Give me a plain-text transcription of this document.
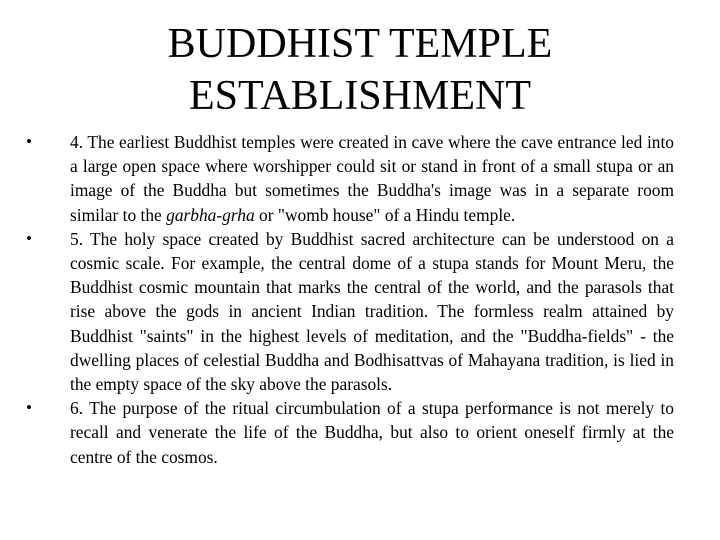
BUDDHIST TEMPLE
ESTABLISHMENT
•	4. The earliest Buddhist temples were created in cave where the cave entrance led into a large open space where worshipper could sit or stand in front of a small stupa or an image of the Buddha but sometimes the Buddha's image was in a separate room similar to the garbha-grha or "womb house" of a Hindu temple.
•	5. The holy space created by Buddhist sacred architecture can be understood on a cosmic scale. For example, the central dome of a stupa stands for Mount Meru, the Buddhist cosmic mountain that marks the central of the world, and the parasols that rise above the gods in ancient Indian tradition. The formless realm attained by Buddhist "saints" in the highest levels of meditation, and the "Buddha-fields" - the dwelling places of celestial Buddha and Bodhisattvas of Mahayana tradition, is lied in the empty space of the sky above the parasols.
•	6. The purpose of the ritual circumbulation of a stupa performance is not merely to recall and venerate the life of the Buddha, but also to orient oneself firmly at the centre of the cosmos.
